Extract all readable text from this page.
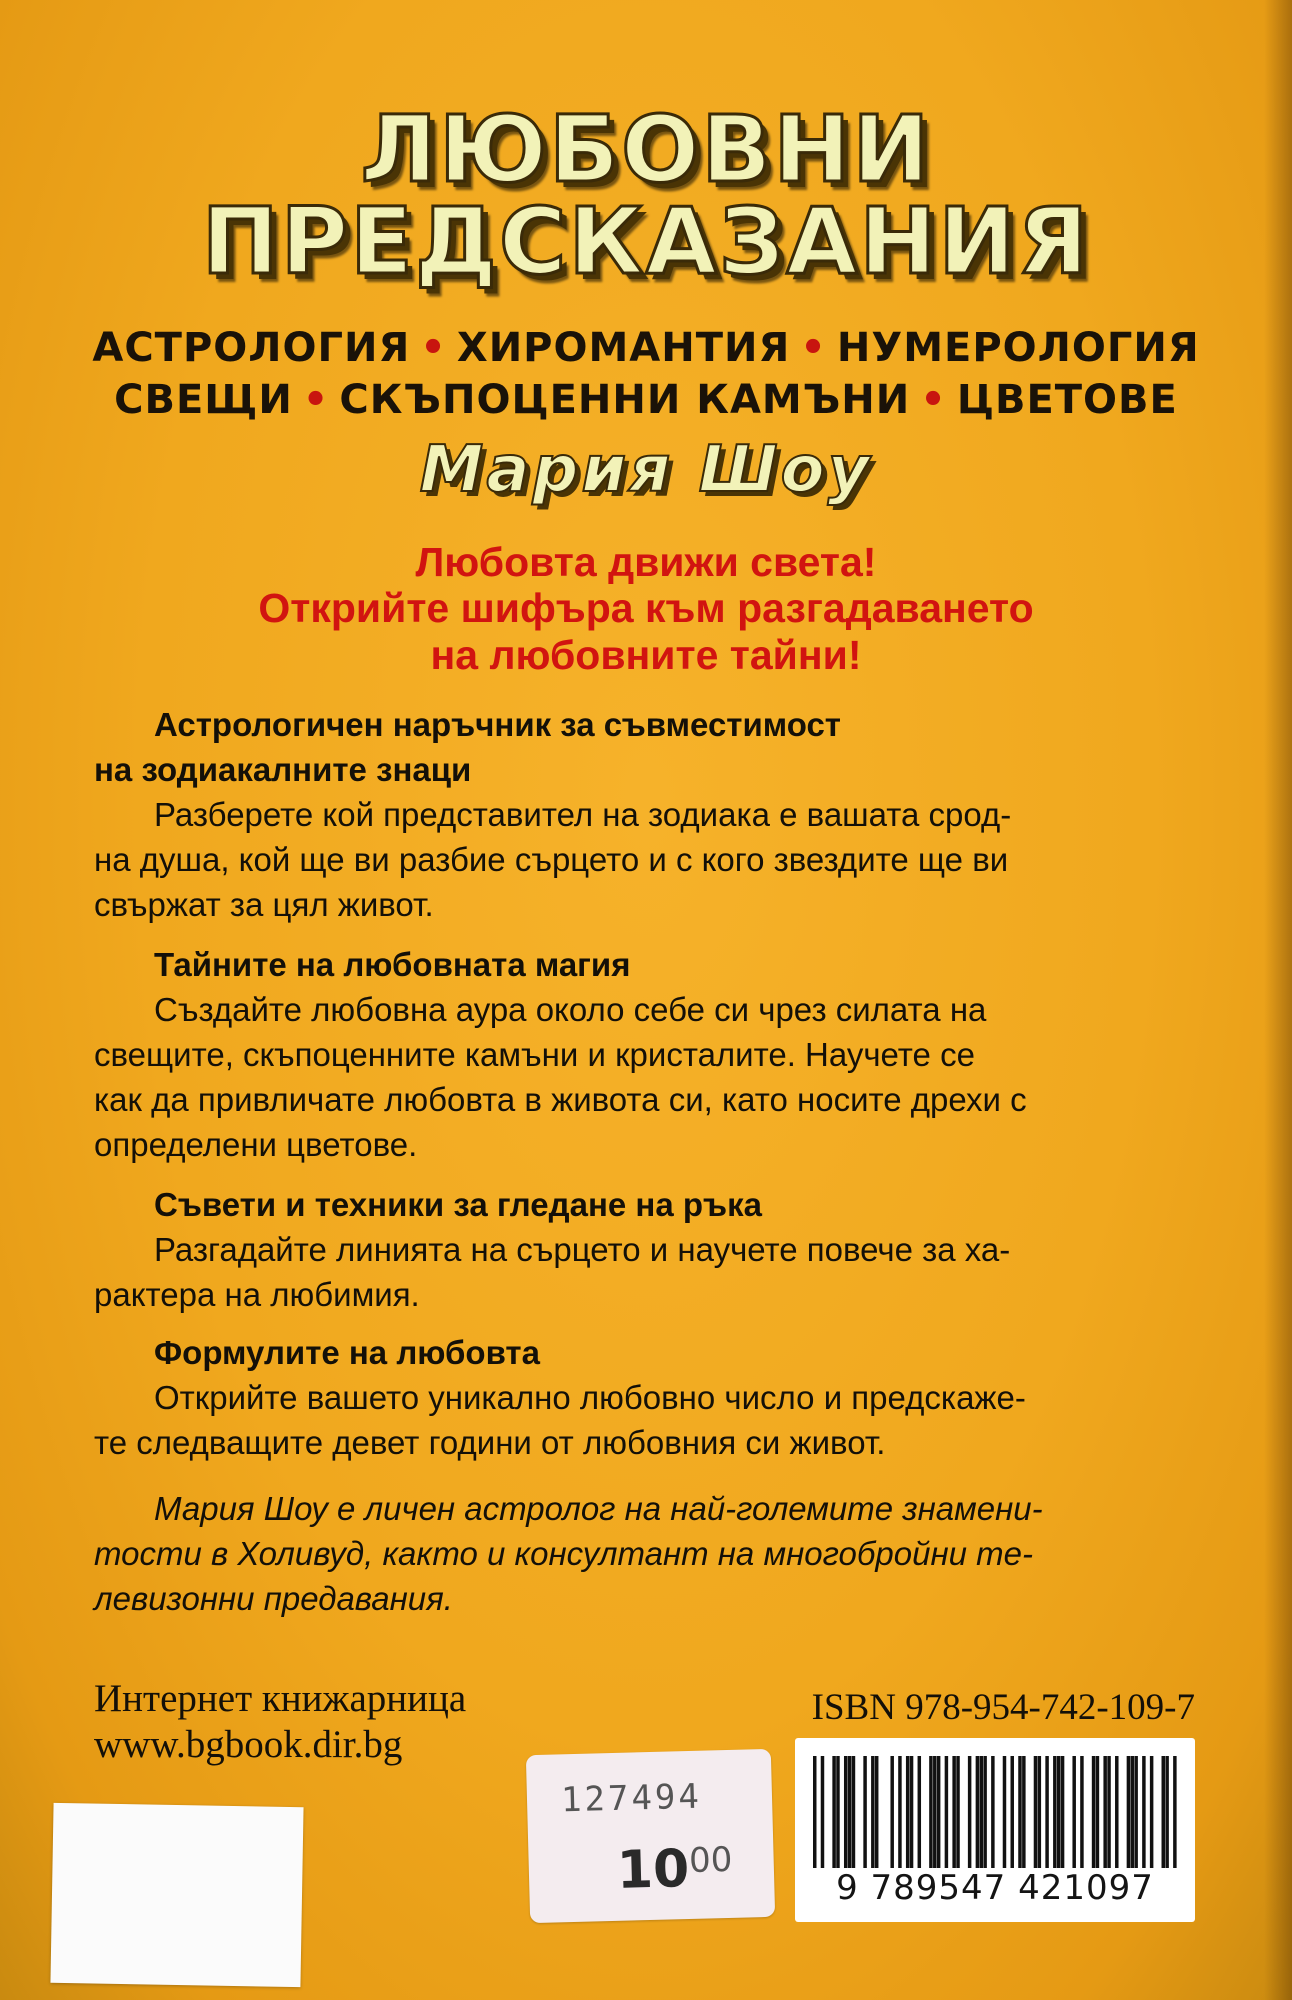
ЛЮБОВНИ
ПРЕДСКАЗАНИЯ
АСТРОЛОГИЯ • ХИРОМАНТИЯ • НУМЕРОЛОГИЯ
СВЕЩИ • СКЪПОЦЕННИ КАМЪНИ • ЦВЕТОВЕ
Мария Шоу
Любовта движи света!
Открийте шифъра към разгадаването
на любовните тайни!
Астрологичен наръчник за съвместимост
на зодиакалните знаци
Разберете кой представител на зодиака е вашата срод-
на душа, кой ще ви разбие сърцето и с кого звездите ще ви
свържат за цял живот.
Тайните на любовната магия
Създайте любовна аура около себе си чрез силата на
свещите, скъпоценните камъни и кристалите. Научете се
как да привличате любовта в живота си, като носите дрехи с
определени цветове.
Съвети и техники за гледане на ръка
Разгадайте линията на сърцето и научете повече за ха-
рактера на любимия.
Формулите на любовта
Открийте вашето уникално любовно число и предскаже-
те следващите девет години от любовния си живот.
Мария Шоу е личен астролог на най-големите знамени-
тости в Холивуд, както и консултант на многобройни те-
левизонни предавания.
Интернет книжарница
www.bgbook.dir.bg
ISBN 978-954-742-109-7
9 789547 421097
127494
$10^{00}$
